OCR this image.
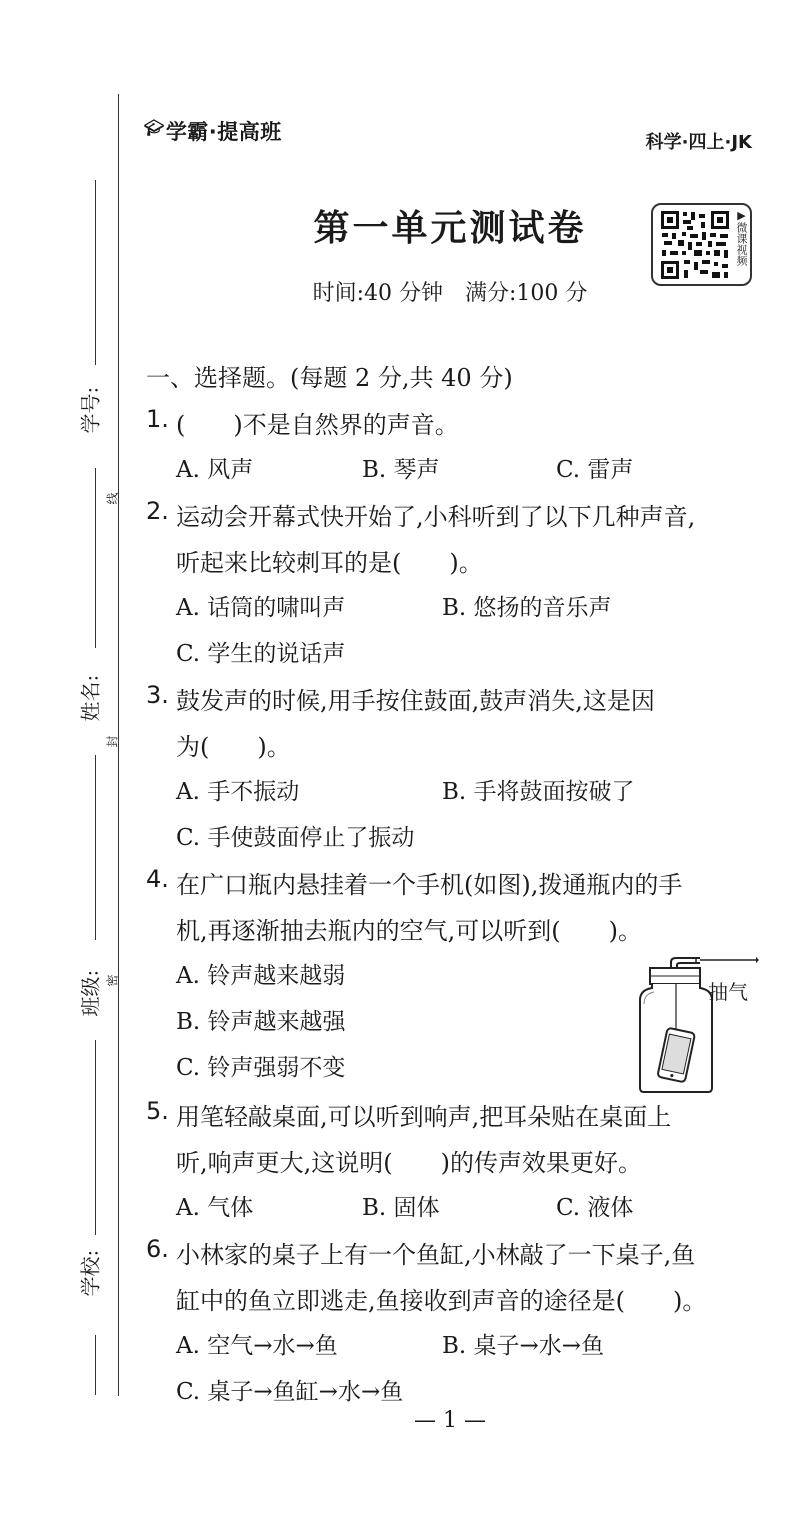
🎓︎学霸·提高班	科学·四上·JK
第一单元测试卷
时间:40 分钟　满分:100 分
▶︎微课视频
学号:
姓名:
班级:
学校:
线
封
密
一、选择题。(每题 2 分,共 40 分)
1. (　　)不是自然界的声音。
A. 风声	B. 琴声	C. 雷声
2. 运动会开幕式快开始了,小科听到了以下几种声音,
听起来比较刺耳的是(　　)。
A. 话筒的啸叫声	B. 悠扬的音乐声
C. 学生的说话声
3. 鼓发声的时候,用手按住鼓面,鼓声消失,这是因
为(　　)。
A. 手不振动	B. 手将鼓面按破了
C. 手使鼓面停止了振动
4. 在广口瓶内悬挂着一个手机(如图),拨通瓶内的手
机,再逐渐抽去瓶内的空气,可以听到(　　)。
A. 铃声越来越弱
B. 铃声越来越强
C. 铃声强弱不变
抽气
5. 用笔轻敲桌面,可以听到响声,把耳朵贴在桌面上
听,响声更大,这说明(　　)的传声效果更好。
A. 气体	B. 固体	C. 液体
6. 小林家的桌子上有一个鱼缸,小林敲了一下桌子,鱼
缸中的鱼立即逃走,鱼接收到声音的途径是(　　)。
A. 空气→水→鱼	B. 桌子→水→鱼
C. 桌子→鱼缸→水→鱼
— 1 —
